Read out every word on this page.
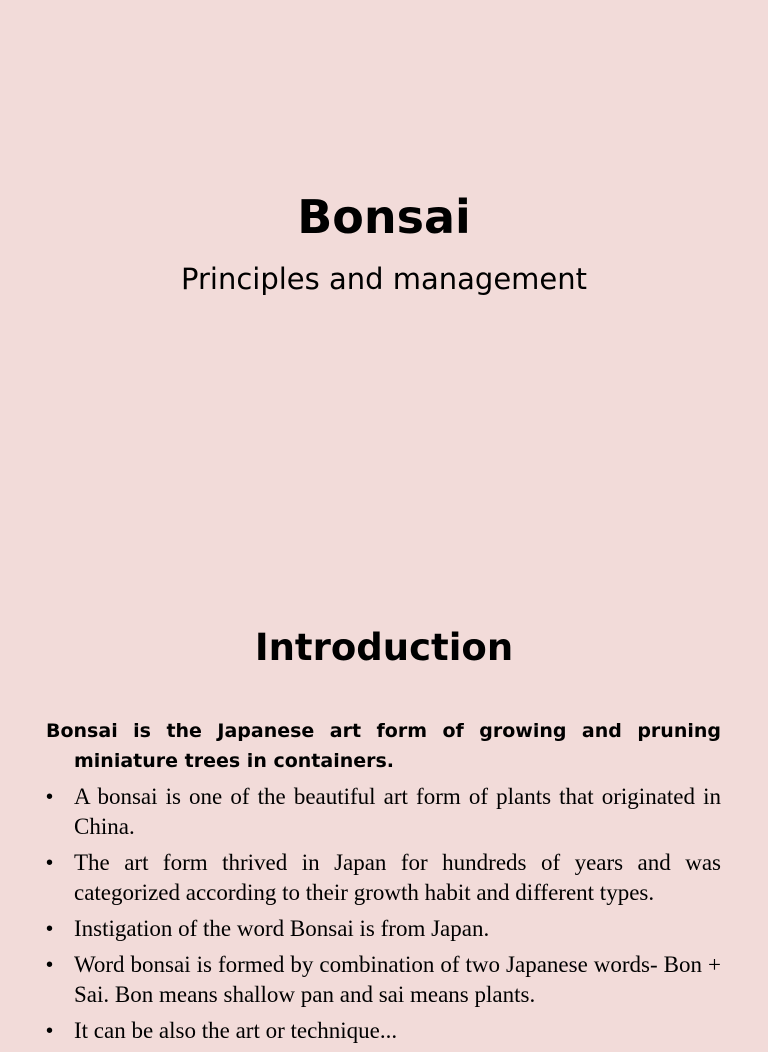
Bonsai

Principles and management

Introduction

Bonsai is the Japanese art form of growing and pruning miniature trees in containers.

• A bonsai is one of the beautiful art form of plants that originated in China.
• The art form thrived in Japan for hundreds of years and was categorized according to their growth habit and different types.
• Instigation of the word Bonsai is from Japan.
• Word bonsai is formed by combination of two Japanese words- Bon + Sai. Bon means shallow pan and sai means plants.
• It can be also the art or technique...
